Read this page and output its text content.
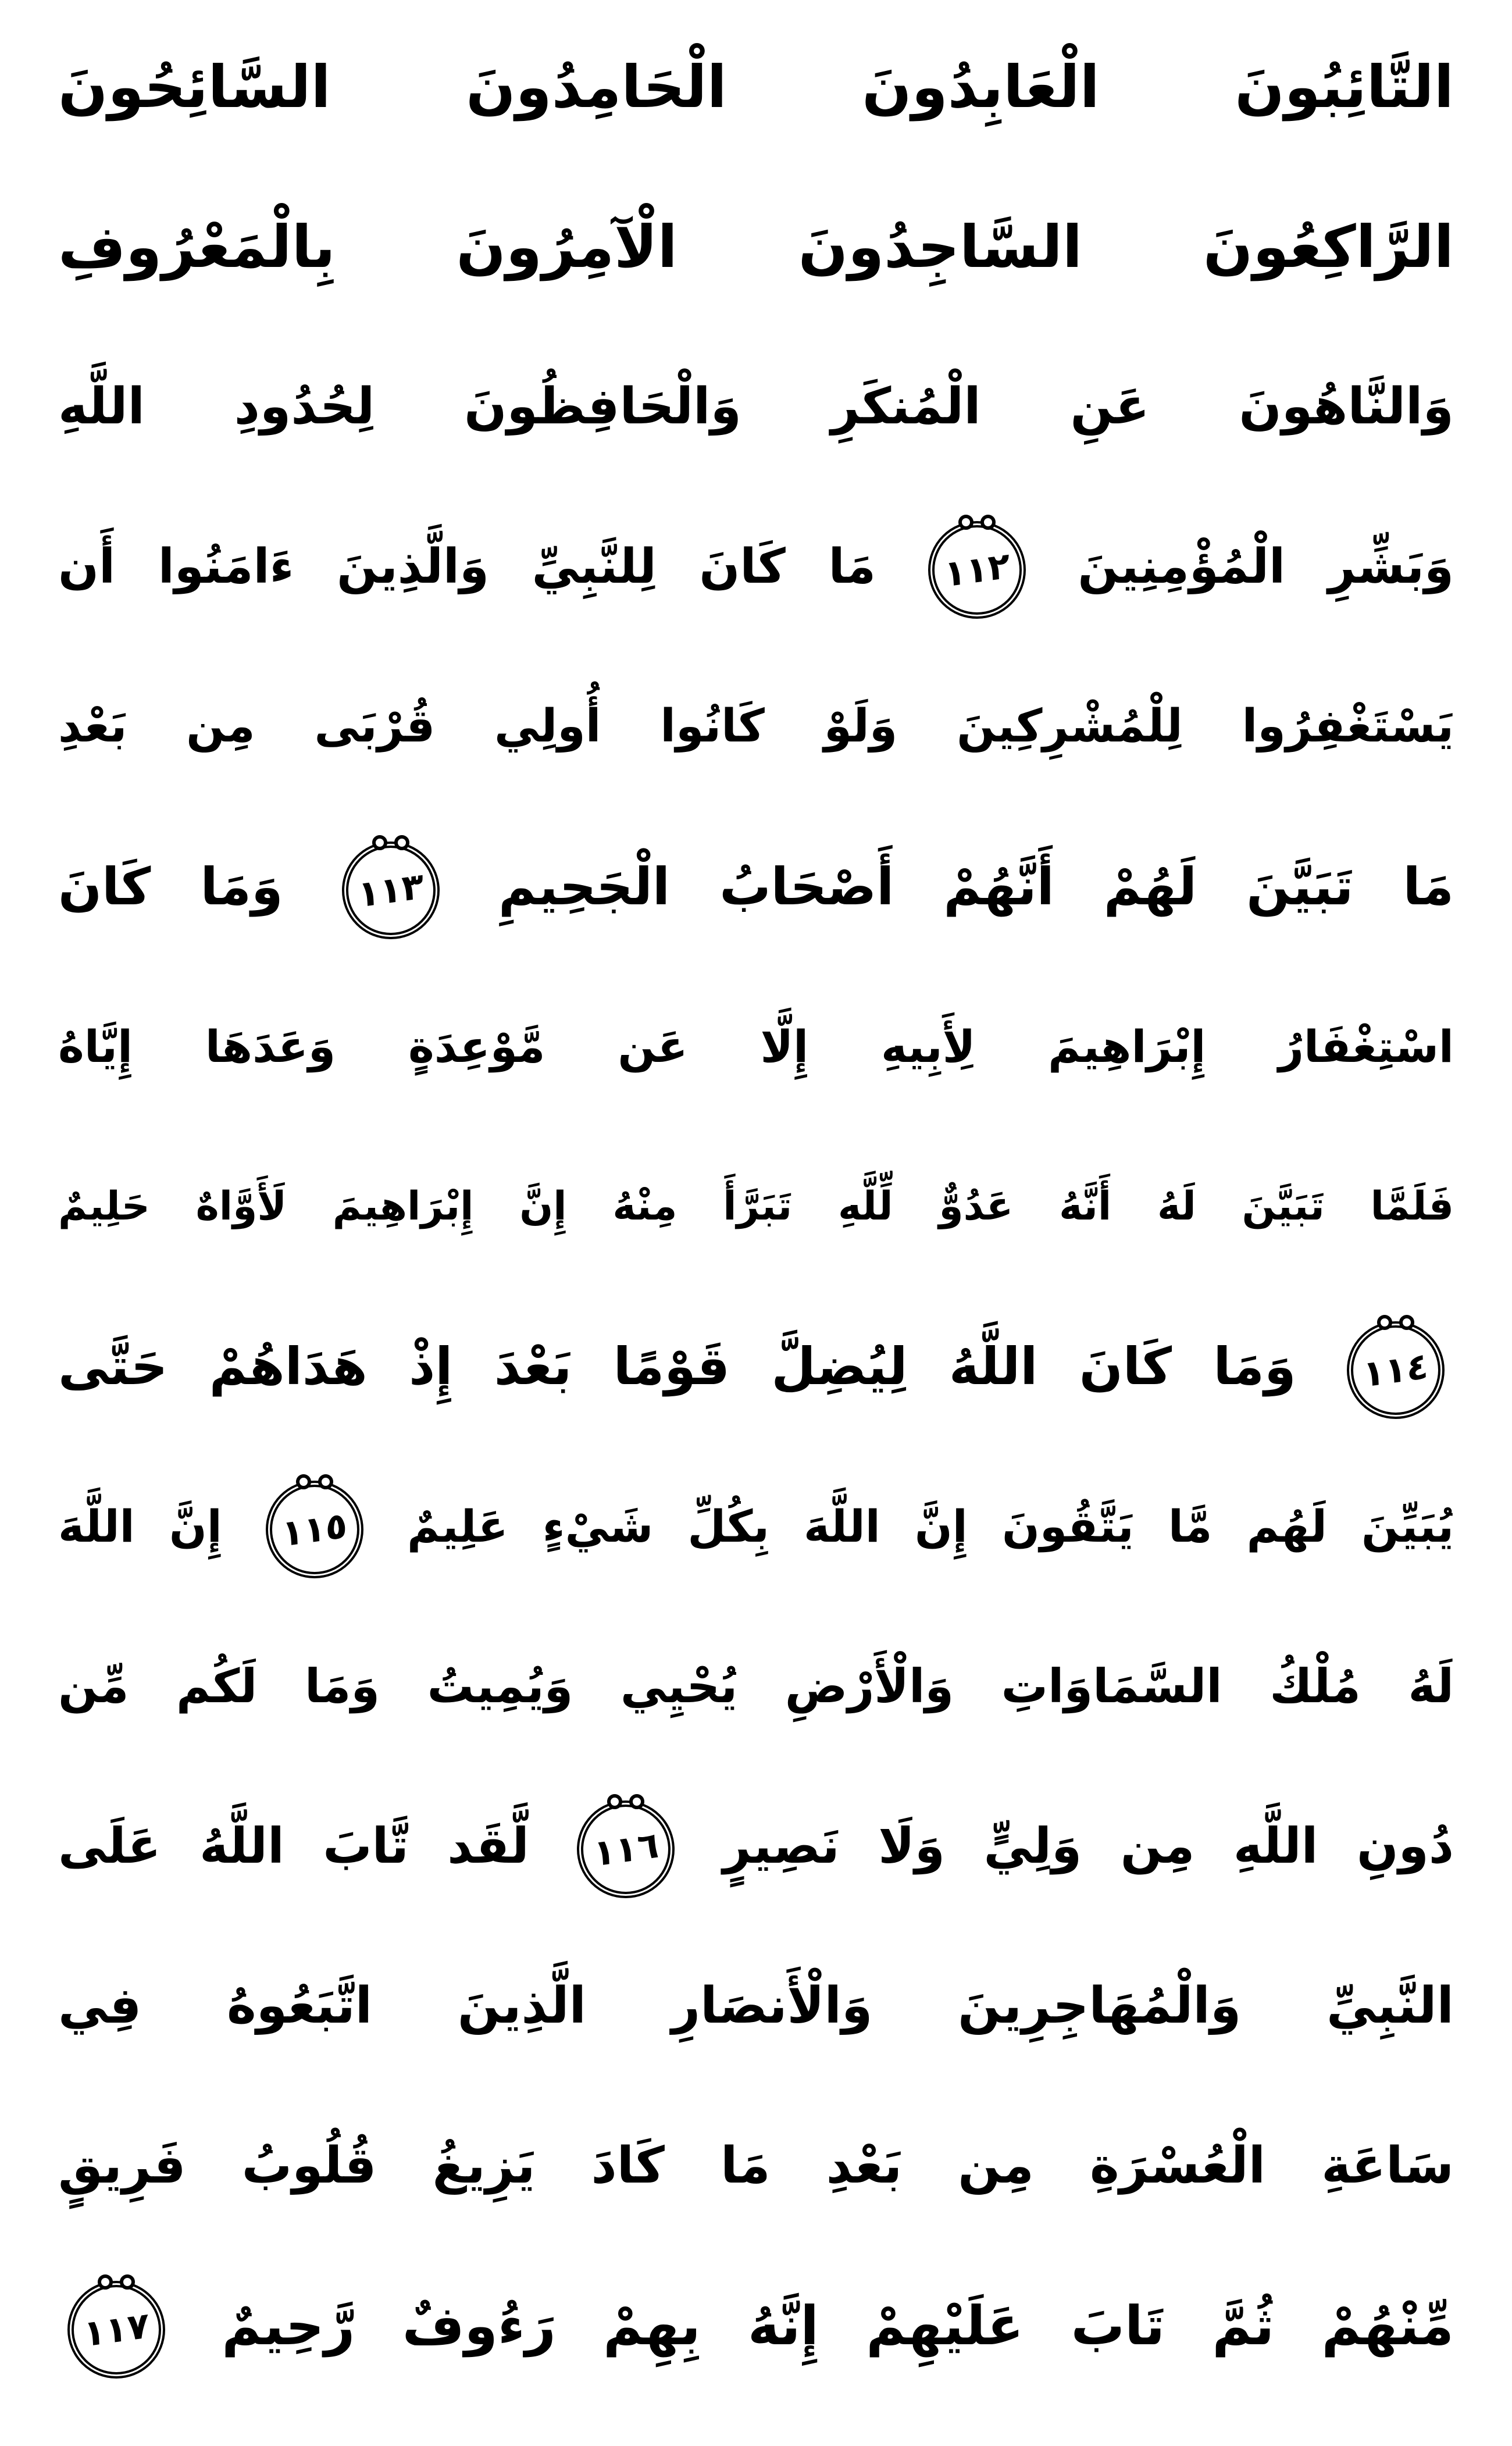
التَّائِبُونَ الْعَابِدُونَ الْحَامِدُونَ السَّائِحُونَ
الرَّاكِعُونَ السَّاجِدُونَ الْآمِرُونَ بِالْمَعْرُوفِ
وَالنَّاهُونَ عَنِ الْمُنكَرِ وَالْحَافِظُونَ لِحُدُودِ اللَّهِ
وَبَشِّرِ الْمُؤْمِنِينَ
١١٢
مَا كَانَ لِلنَّبِيِّ وَالَّذِينَ ءَامَنُوا أَن
يَسْتَغْفِرُوا لِلْمُشْرِكِينَ وَلَوْ كَانُوا أُولِي قُرْبَى مِن بَعْدِ
مَا تَبَيَّنَ لَهُمْ أَنَّهُمْ أَصْحَابُ الْجَحِيمِ
١١٣
وَمَا كَانَ
اسْتِغْفَارُ إِبْرَاهِيمَ لِأَبِيهِ إِلَّا عَن مَّوْعِدَةٍ وَعَدَهَا إِيَّاهُ
فَلَمَّا تَبَيَّنَ لَهُ أَنَّهُ عَدُوٌّ لِّلَّهِ تَبَرَّأَ مِنْهُ إِنَّ إِبْرَاهِيمَ لَأَوَّاهٌ حَلِيمٌ
١١٤
وَمَا كَانَ اللَّهُ لِيُضِلَّ قَوْمًا بَعْدَ إِذْ هَدَاهُمْ حَتَّى
يُبَيِّنَ لَهُم مَّا يَتَّقُونَ إِنَّ اللَّهَ بِكُلِّ شَيْءٍ عَلِيمٌ
١١٥
إِنَّ اللَّهَ
لَهُ مُلْكُ السَّمَاوَاتِ وَالْأَرْضِ يُحْيِي وَيُمِيتُ وَمَا لَكُم مِّن
دُونِ اللَّهِ مِن وَلِيٍّ وَلَا نَصِيرٍ
١١٦
لَّقَد تَّابَ اللَّهُ عَلَى
النَّبِيِّ وَالْمُهَاجِرِينَ وَالْأَنصَارِ الَّذِينَ اتَّبَعُوهُ فِي
سَاعَةِ الْعُسْرَةِ مِن بَعْدِ مَا كَادَ يَزِيغُ قُلُوبُ فَرِيقٍ
مِّنْهُمْ ثُمَّ تَابَ عَلَيْهِمْ إِنَّهُ بِهِمْ رَءُوفٌ رَّحِيمٌ
١١٧
